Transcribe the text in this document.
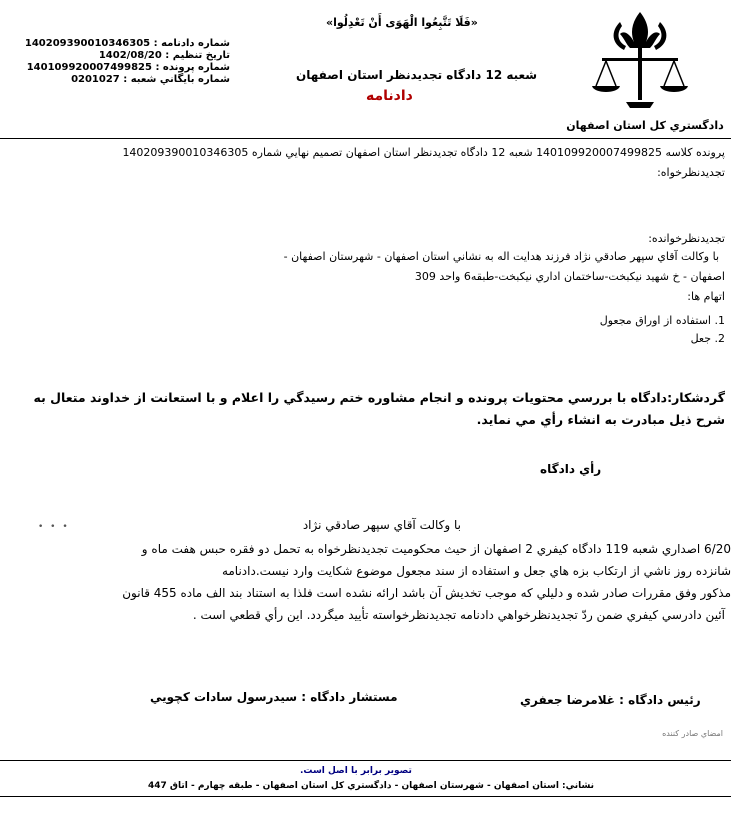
دادگستري كل استان اصفهان
«فَلَا تَتَّبِعُوا الْهَوَى أَنْ تَعْدِلُوا»
شعبه 12 دادگاه تجديدنظر استان اصفهان
دادنامه
شماره دادنامه : 140209390010346305
تاريخ تنظيم : 1402/08/20
شماره پرونده : 140109920007499825
شماره بايگاني شعبه : 0201027
پرونده كلاسه 140109920007499825 شعبه 12 دادگاه تجديدنظر استان اصفهان تصميم نهايي شماره 140209390010346305
تجديدنظرخواه:
تجديدنظرخوانده:
با وكالت آقاي سپهر صادقي نژاد فرزند هدايت اله به نشاني استان اصفهان - شهرستان اصفهان -
اصفهان - خ شهيد نيكبخت-ساختمان اداري نيكبخت-طبقه6 واحد 309
اتهام ها:
1. استفاده از اوراق مجعول
2. جعل
گردشكار:دادگاه با بررسي محتويات پرونده و انجام مشاوره ختم رسيدگي را اعلام و با استعانت از خداوند متعال به
شرح ذيل مبادرت به انشاء رأي مي نمايد.
رأي دادگاه
• • •	با وكالت آقاي سپهر صادقي نژاد
6/20 اصداري شعبه 119 دادگاه كيفري 2 اصفهان از حيث محكوميت تجديدنظرخواه به تحمل دو فقره حبس هفت ماه و
شانزده روز ناشي از ارتكاب بزه هاي جعل و استفاده از سند مجعول موضوع شكايت وارد نيست.دادنامه
مذكور وفق مقررات صادر شده و دليلي كه موجب تخديش آن باشد ارائه نشده است فلذا به استناد بند الف ماده 455 قانون
آئين دادرسي كيفري ضمن ردّ تجديدنظرخواهي دادنامه تجديدنظرخواسته تأييد ميگردد. اين رأي قطعي است .
رئيس دادگاه : غلامرضا جعفري
مستشار دادگاه : سيدرسول سادات كچويي
امضاي صادر كننده
تصوير برابر با اصل است.
نشاني: استان اصفهان - شهرستان اصفهان - دادگستري كل استان اصفهان - طبقه چهارم - اتاق 447
